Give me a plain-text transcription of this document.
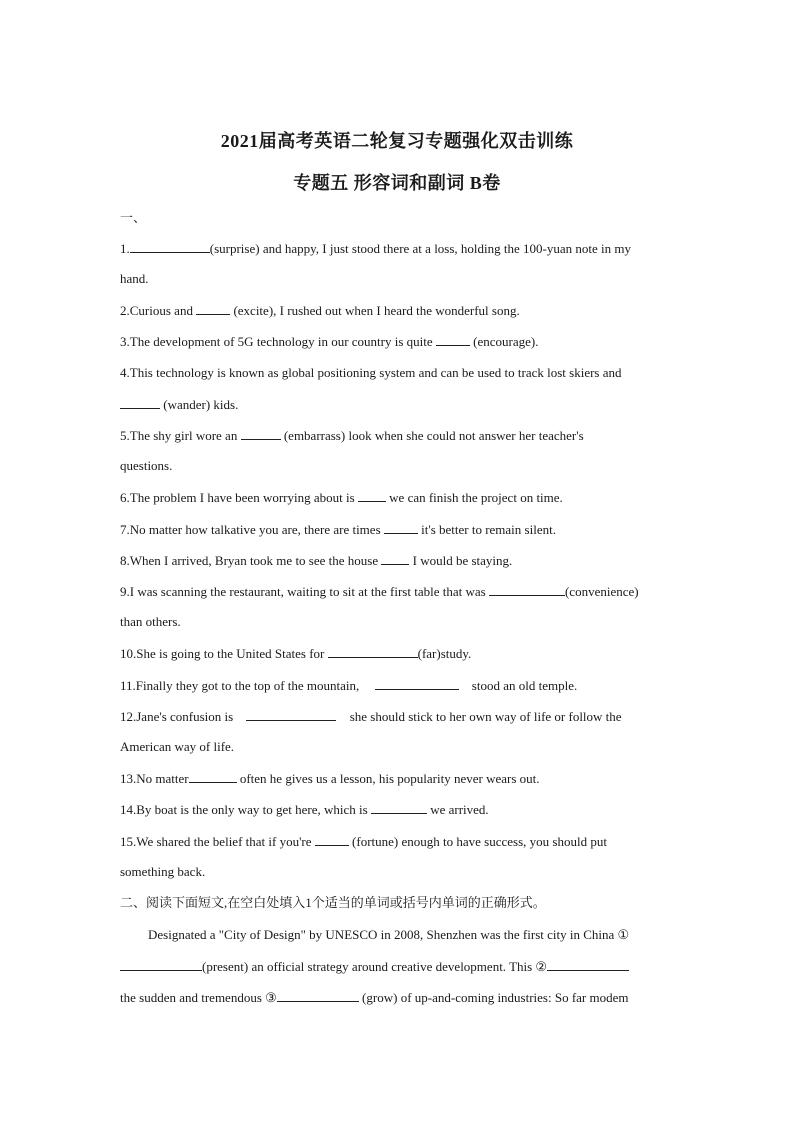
2021届高考英语二轮复习专题强化双击训练
专题五 形容词和副词 B卷
一、
1.	(surprise) and happy, I just stood there at a loss, holding the 100-yuan note in my
hand.
2.Curious and	(excite), I rushed out when I heard the wonderful song.
3.The development of 5G technology in our country is quite	(encourage).
4.This technology is known as global positioning system and can be used to track lost skiers and
(wander) kids.
5.The shy girl wore an	(embarrass) look when she could not answer her teacher's
questions.
6.The problem I have been worrying about is  we can finish the project on time.
7.No matter how talkative you are, there are times	it's better to remain silent.
8.When I arrived, Bryan took me to see the house  I would be staying.
9.I was scanning the restaurant, waiting to sit at the first table that was	(convenience)
than others.
10.She is going to the United States for	(far)study.
11.Finally they got to the top of the mountain,	stood an old temple.
12.Jane's confusion is	she should stick to her own way of life or follow the
American way of life.
13.No matter	often he gives us a lesson, his popularity never wears out.
14.By boat is the only way to get here, which is	we arrived.
15.We shared the belief that if you're	(fortune) enough to have success, you should put
something back.
二、阅读下面短文,在空白处填入1个适当的单词或括号内单词的正确形式。
Designated a "City of Design" by UNESCO in 2008, Shenzhen was the first city in China ①
(present) an official strategy around creative development. This ②
the sudden and tremendous ③	(grow) of up-and-coming industries: So far modem
